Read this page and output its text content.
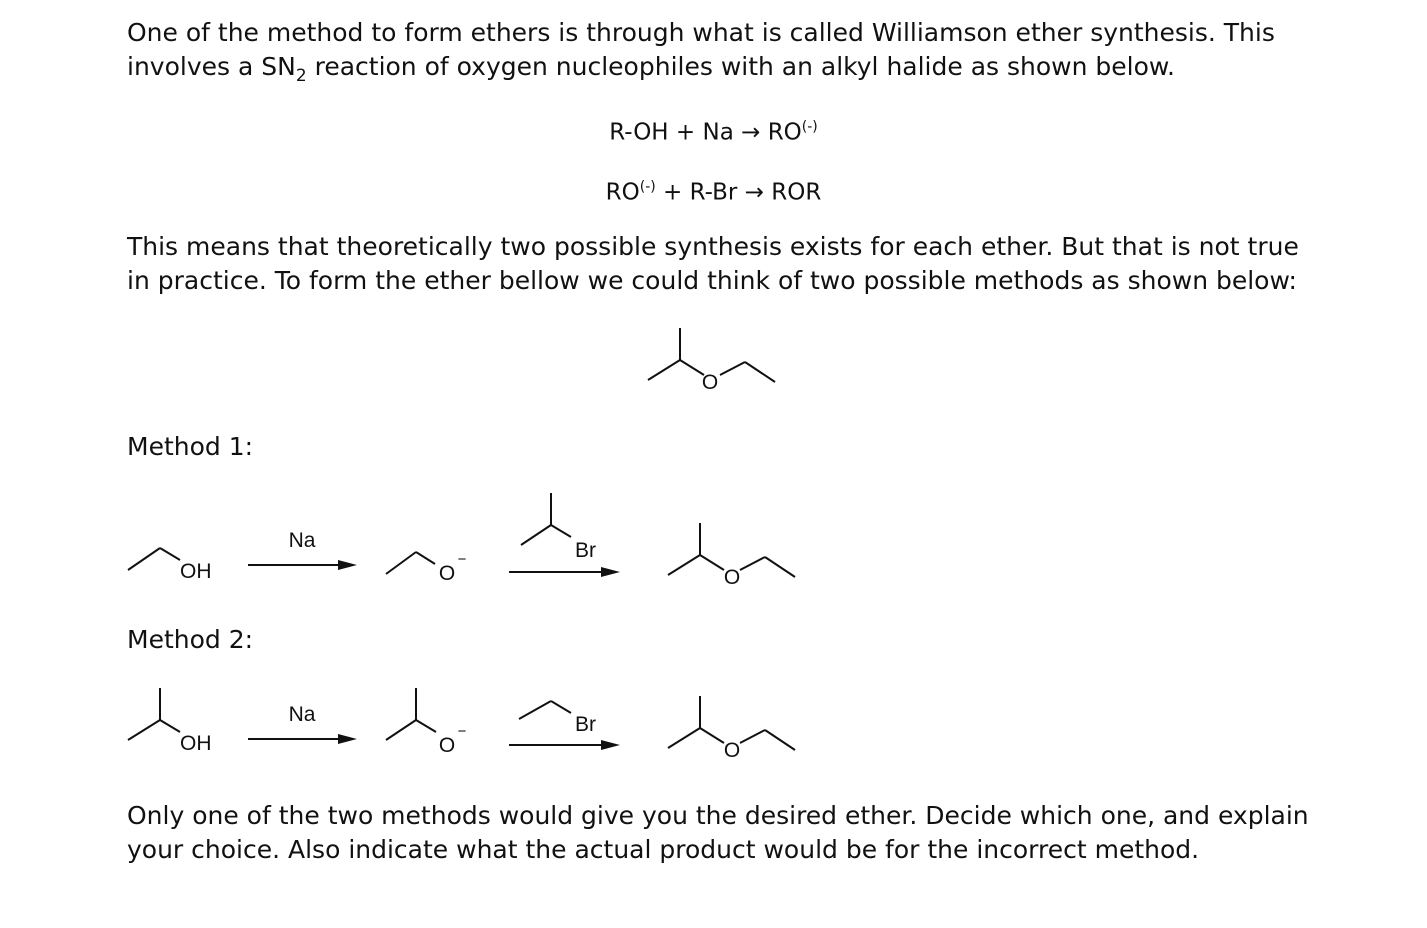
One of the method to form ethers is through what is called Williamson ether synthesis. This
involves a $SN_2$ reaction of oxygen nucleophiles with an alkyl halide as shown below.
R-OH + Na → RO(-)
RO(-) + R-Br → ROR
This means that theoretically two possible synthesis exists for each ether. But that is not true
in practice. To form the ether bellow we could think of two possible methods as shown below:
O
Method 1:
OH
Na
O
−	Br
O
Method 2:
OH
Na
O
−	Br
O
Only one of the two methods would give you the desired ether. Decide which one, and explain
your choice. Also indicate what the actual product would be for the incorrect method.
